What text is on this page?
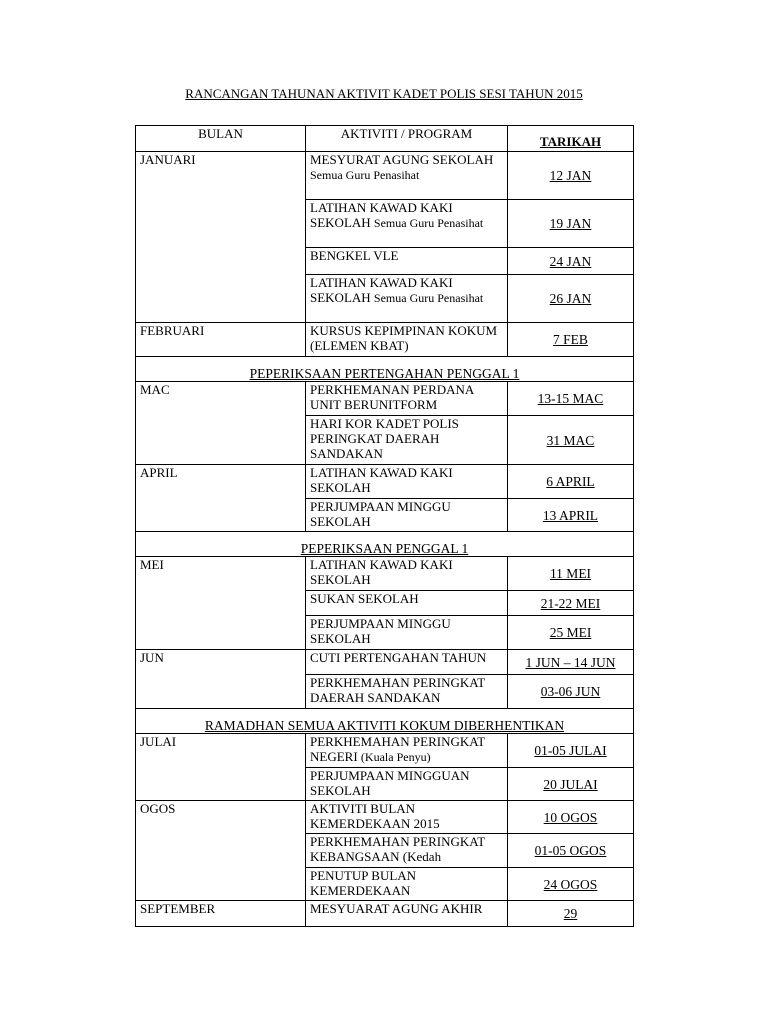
RANCANGAN TAHUNAN AKTIVIT KADET POLIS SESI TAHUN 2015
BULAN	AKTIVITI / PROGRAM	TARIKAH
JANUARI	MESYURAT AGUNG SEKOLAH Semua Guru Penasihat	12 JAN
	LATIHAN KAWAD KAKI SEKOLAH Semua Guru Penasihat	19 JAN
	BENGKEL VLE	24 JAN
	LATIHAN KAWAD KAKI SEKOLAH Semua Guru Penasihat	26 JAN
FEBRUARI	KURSUS KEPIMPINAN KOKUM (ELEMEN KBAT)	7 FEB
PEPERIKSAAN PERTENGAHAN PENGGAL 1		
MAC	PERKHEMANAN PERDANA UNIT BERUNITFORM	13-15 MAC
	HARI KOR KADET POLIS PERINGKAT DAERAH SANDAKAN	31 MAC
APRIL	LATIHAN KAWAD KAKI SEKOLAH	6 APRIL
	PERJUMPAAN MINGGU SEKOLAH	13 APRIL
PEPERIKSAAN PENGGAL 1		
MEI	LATIHAN KAWAD KAKI SEKOLAH	11 MEI
	SUKAN SEKOLAH	21-22 MEI
	PERJUMPAAN MINGGU SEKOLAH	25 MEI
JUN	CUTI PERTENGAHAN TAHUN	1 JUN – 14 JUN
	PERKHEMAHAN PERINGKAT DAERAH SANDAKAN	03-06 JUN
RAMADHAN SEMUA AKTIVITI KOKUM DIBERHENTIKAN		
JULAI	PERKHEMAHAN PERINGKAT NEGERI (Kuala Penyu)	01-05 JULAI
	PERJUMPAAN MINGGUAN SEKOLAH	20 JULAI
OGOS	AKTIVITI BULAN KEMERDEKAAN 2015	10 OGOS
	PERKHEMAHAN PERINGKAT KEBANGSAAN (Kedah	01-05 OGOS
	PENUTUP BULAN KEMERDEKAAN	24 OGOS
SEPTEMBER	MESYUARAT AGUNG AKHIR	29
